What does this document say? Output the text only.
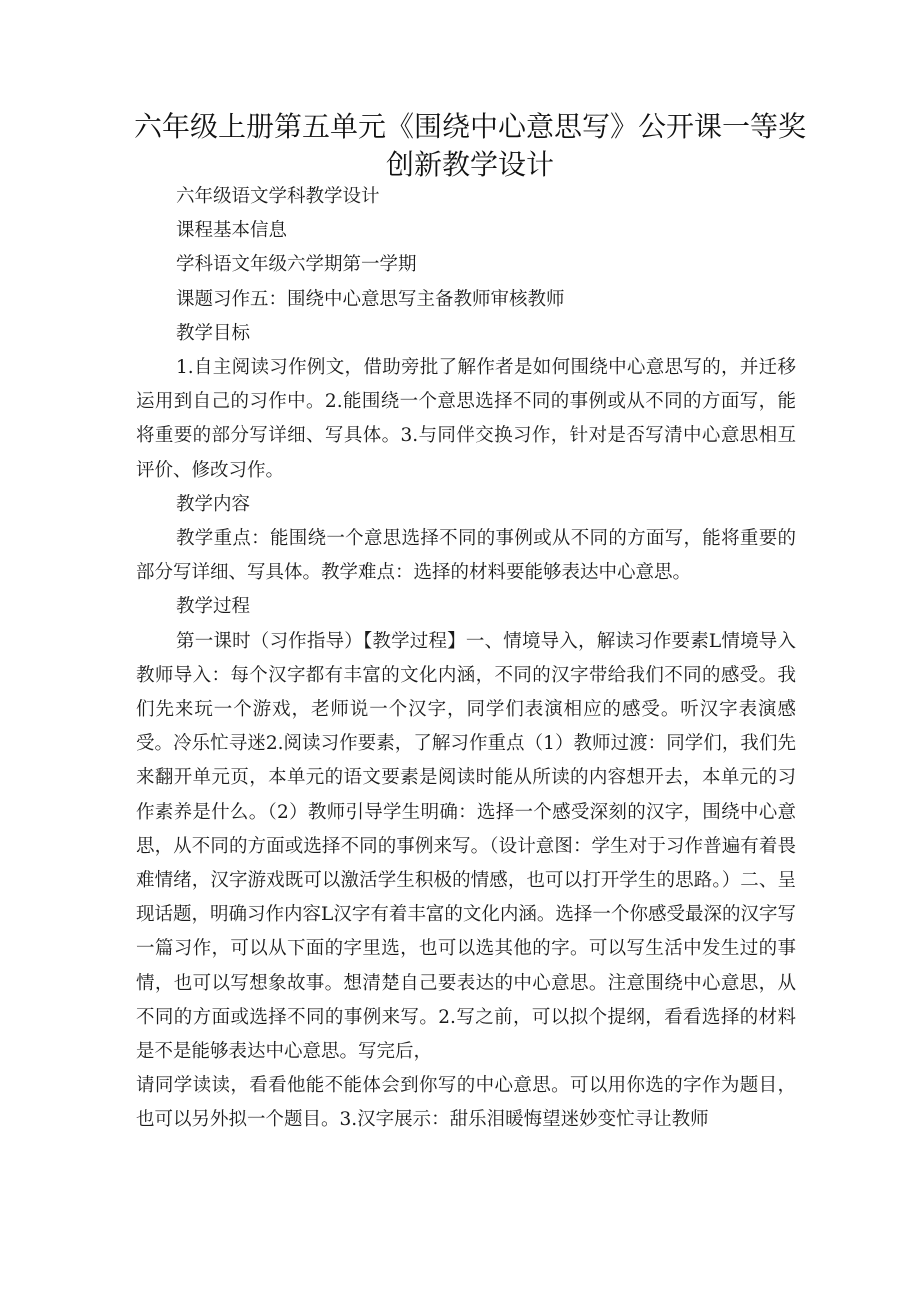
六年级上册第五单元《围绕中心意思写》公开课一等奖创新教学设计

六年级语文学科教学设计

课程基本信息

学科语文年级六学期第一学期

课题习作五：围绕中心意思写主备教师审核教师

教学目标

1.自主阅读习作例文，借助旁批了解作者是如何围绕中心意思写的，并迁移运用到自己的习作中。2.能围绕一个意思选择不同的事例或从不同的方面写，能将重要的部分写详细、写具体。3.与同伴交换习作，针对是否写清中心意思相互评价、修改习作。

教学内容

教学重点：能围绕一个意思选择不同的事例或从不同的方面写，能将重要的部分写详细、写具体。教学难点：选择的材料要能够表达中心意思。

教学过程

第一课时（习作指导）【教学过程】一、情境导入，解读习作要素L情境导入教师导入：每个汉字都有丰富的文化内涵，不同的汉字带给我们不同的感受。我们先来玩一个游戏，老师说一个汉字，同学们表演相应的感受。听汉字表演感受。冷乐忙寻迷2.阅读习作要素，了解习作重点（1）教师过渡：同学们，我们先来翻开单元页，本单元的语文要素是阅读时能从所读的内容想开去，本单元的习作素养是什么。（2）教师引导学生明确：选择一个感受深刻的汉字，围绕中心意思，从不同的方面或选择不同的事例来写。（设计意图：学生对于习作普遍有着畏难情绪，汉字游戏既可以激活学生积极的情感，也可以打开学生的思路。）二、呈现话题，明确习作内容L汉字有着丰富的文化内涵。选择一个你感受最深的汉字写一篇习作，可以从下面的字里选，也可以选其他的字。可以写生活中发生过的事情，也可以写想象故事。想清楚自己要表达的中心意思。注意围绕中心意思，从不同的方面或选择不同的事例来写。2.写之前，可以拟个提纲，看看选择的材料是不是能够表达中心意思。写完后，

请同学读读，看看他能不能体会到你写的中心意思。可以用你选的字作为题目，也可以另外拟一个题目。3.汉字展示：甜乐泪暖悔望迷妙变忙寻让教师
